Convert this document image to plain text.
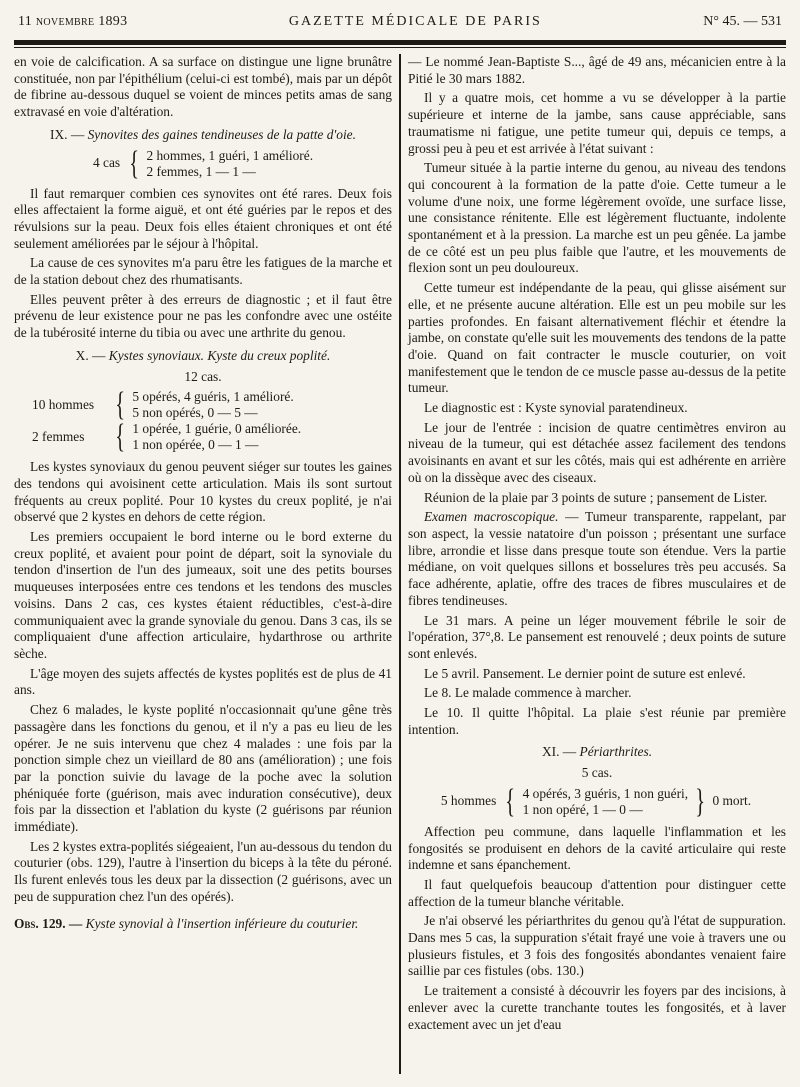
11 novembre 1893	GAZETTE MÉDICALE DE PARIS	N° 45. — 531

en voie de calcification. A sa surface on distingue une ligne brunâtre constituée, non par l'épithélium (celui-ci est tombé), mais par un dépôt de fibrine au-dessous duquel se voient de minces petits amas de sang extravasé en voie d'altération.

IX. — Synovites des gaines tendineuses de la patte d'oie.
4 cas { 2 hommes, 1 guéri, 1 amélioré.
2 femmes, 1 — 1 —

Il faut remarquer combien ces synovites ont été rares. Deux fois elles affectaient la forme aiguë, et ont été guéries par le repos et des révulsions sur la peau. Deux fois elles étaient chroniques et ont été seulement améliorées par le séjour à l'hôpital.

La cause de ces synovites m'a paru être les fatigues de la marche et de la station debout chez des rhumatisants.

Elles peuvent prêter à des erreurs de diagnostic ; et il faut être prévenu de leur existence pour ne pas les confondre avec une ostéite de la tubérosité interne du tibia ou avec une arthrite du genou.

X. — Kystes synoviaux. Kyste du creux poplité.
12 cas.
10 hommes { 5 opérés, 4 guéris, 1 amélioré.
5 non opérés, 0 — 5 —
2 femmes { 1 opérée, 1 guérie, 0 améliorée.
1 non opérée, 0 — 1 —

Les kystes synoviaux du genou peuvent siéger sur toutes les gaines des tendons qui avoisinent cette articulation. Mais ils sont surtout fréquents au creux poplité. Pour 10 kystes du creux poplité, je n'ai observé que 2 kystes en dehors de cette région.

Les premiers occupaient le bord interne ou le bord externe du creux poplité, et avaient pour point de départ, soit la synoviale du tendon d'insertion de l'un des jumeaux, soit une des petits bourses muqueuses interposées entre ces tendons et les tendons des muscles voisins. Dans 2 cas, ces kystes étaient réductibles, c'est-à-dire communiquaient avec la grande synoviale du genou. Dans 3 cas, ils se compliquaient d'une affection articulaire, hydarthrose ou arthrite sèche.

L'âge moyen des sujets affectés de kystes poplités est de plus de 41 ans.

Chez 6 malades, le kyste poplité n'occasionnait qu'une gêne très passagère dans les fonctions du genou, et il n'y a pas eu lieu de les opérer. Je ne suis intervenu que chez 4 malades : une fois par la ponction simple chez un vieillard de 80 ans (amélioration) ; une fois par la ponction suivie du lavage de la poche avec la solution phéniquée forte (guérison, mais avec induration consécutive), deux fois par la dissection et l'ablation du kyste (2 guérisons par réunion immédiate).

Les 2 kystes extra-poplités siégeaient, l'un au-dessous du tendon du couturier (obs. 129), l'autre à l'insertion du biceps à la tête du péroné. Ils furent enlevés tous les deux par la dissection (2 guérisons, avec un peu de suppuration chez l'un des opérés).

Obs. 129. — Kyste synovial à l'insertion inférieure du couturier.

— Le nommé Jean-Baptiste S..., âgé de 49 ans, mécanicien entre à la Pitié le 30 mars 1882.

Il y a quatre mois, cet homme a vu se développer à la partie supérieure et interne de la jambe, sans cause appréciable, sans traumatisme ni fatigue, une petite tumeur qui, depuis ce temps, a grossi peu à peu et est arrivée à l'état suivant :

Tumeur située à la partie interne du genou, au niveau des tendons qui concourent à la formation de la patte d'oie. Cette tumeur a le volume d'une noix, une forme légèrement ovoïde, une surface lisse, une consistance rénitente. Elle est légèrement fluctuante, indolente spontanément et à la pression. La marche est un peu gênée. La jambe de ce côté est un peu plus faible que l'autre, et les mouvements de flexion sont un peu douloureux.

Cette tumeur est indépendante de la peau, qui glisse aisément sur elle, et ne présente aucune altération. Elle est un peu mobile sur les parties profondes. En faisant alternativement fléchir et étendre la jambe, on constate qu'elle suit les mouvements des tendons de la patte d'oie. Quand on fait contracter le muscle couturier, on voit manifestement que le tendon de ce muscle passe au-dessus de la petite tumeur.

Le diagnostic est : Kyste synovial paratendineux.

Le jour de l'entrée : incision de quatre centimètres environ au niveau de la tumeur, qui est détachée assez facilement des tendons avoisinants en avant et sur les côtés, mais qui est adhérente en arrière où on la dissèque avec des ciseaux.

Réunion de la plaie par 3 points de suture ; pansement de Lister.

Examen macroscopique. — Tumeur transparente, rappelant, par son aspect, la vessie natatoire d'un poisson ; présentant une surface libre, arrondie et lisse dans presque toute son étendue. Vers la partie médiane, on voit quelques sillons et bosselures très peu accusés. Sa face adhérente, aplatie, offre des traces de fibres musculaires et de fibres tendineuses.

Le 31 mars. A peine un léger mouvement fébrile le soir de l'opération, 37°,8. Le pansement est renouvelé ; deux points de suture sont enlevés.

Le 5 avril. Pansement. Le dernier point de suture est enlevé.

Le 8. Le malade commence à marcher.

Le 10. Il quitte l'hôpital. La plaie s'est réunie par première intention.

XI. — Périarthrites.
5 cas.
5 hommes { 4 opérés, 3 guéris, 1 non guéri,
1 non opéré, 1 — 0 —	} 0 mort.

Affection peu commune, dans laquelle l'inflammation et les fongosités se produisent en dehors de la cavité articulaire qui reste indemne et sans épanchement.

Il faut quelquefois beaucoup d'attention pour distinguer cette affection de la tumeur blanche véritable.

Je n'ai observé les périarthrites du genou qu'à l'état de suppuration. Dans mes 5 cas, la suppuration s'était frayé une voie à travers une ou plusieurs fistules, et 3 fois des fongosités abondantes venaient faire saillie par ces fistules (obs. 130.)

Le traitement a consisté à découvrir les foyers par des incisions, à enlever avec la curette tranchante toutes les fongosités, et à laver exactement avec un jet d'eau
